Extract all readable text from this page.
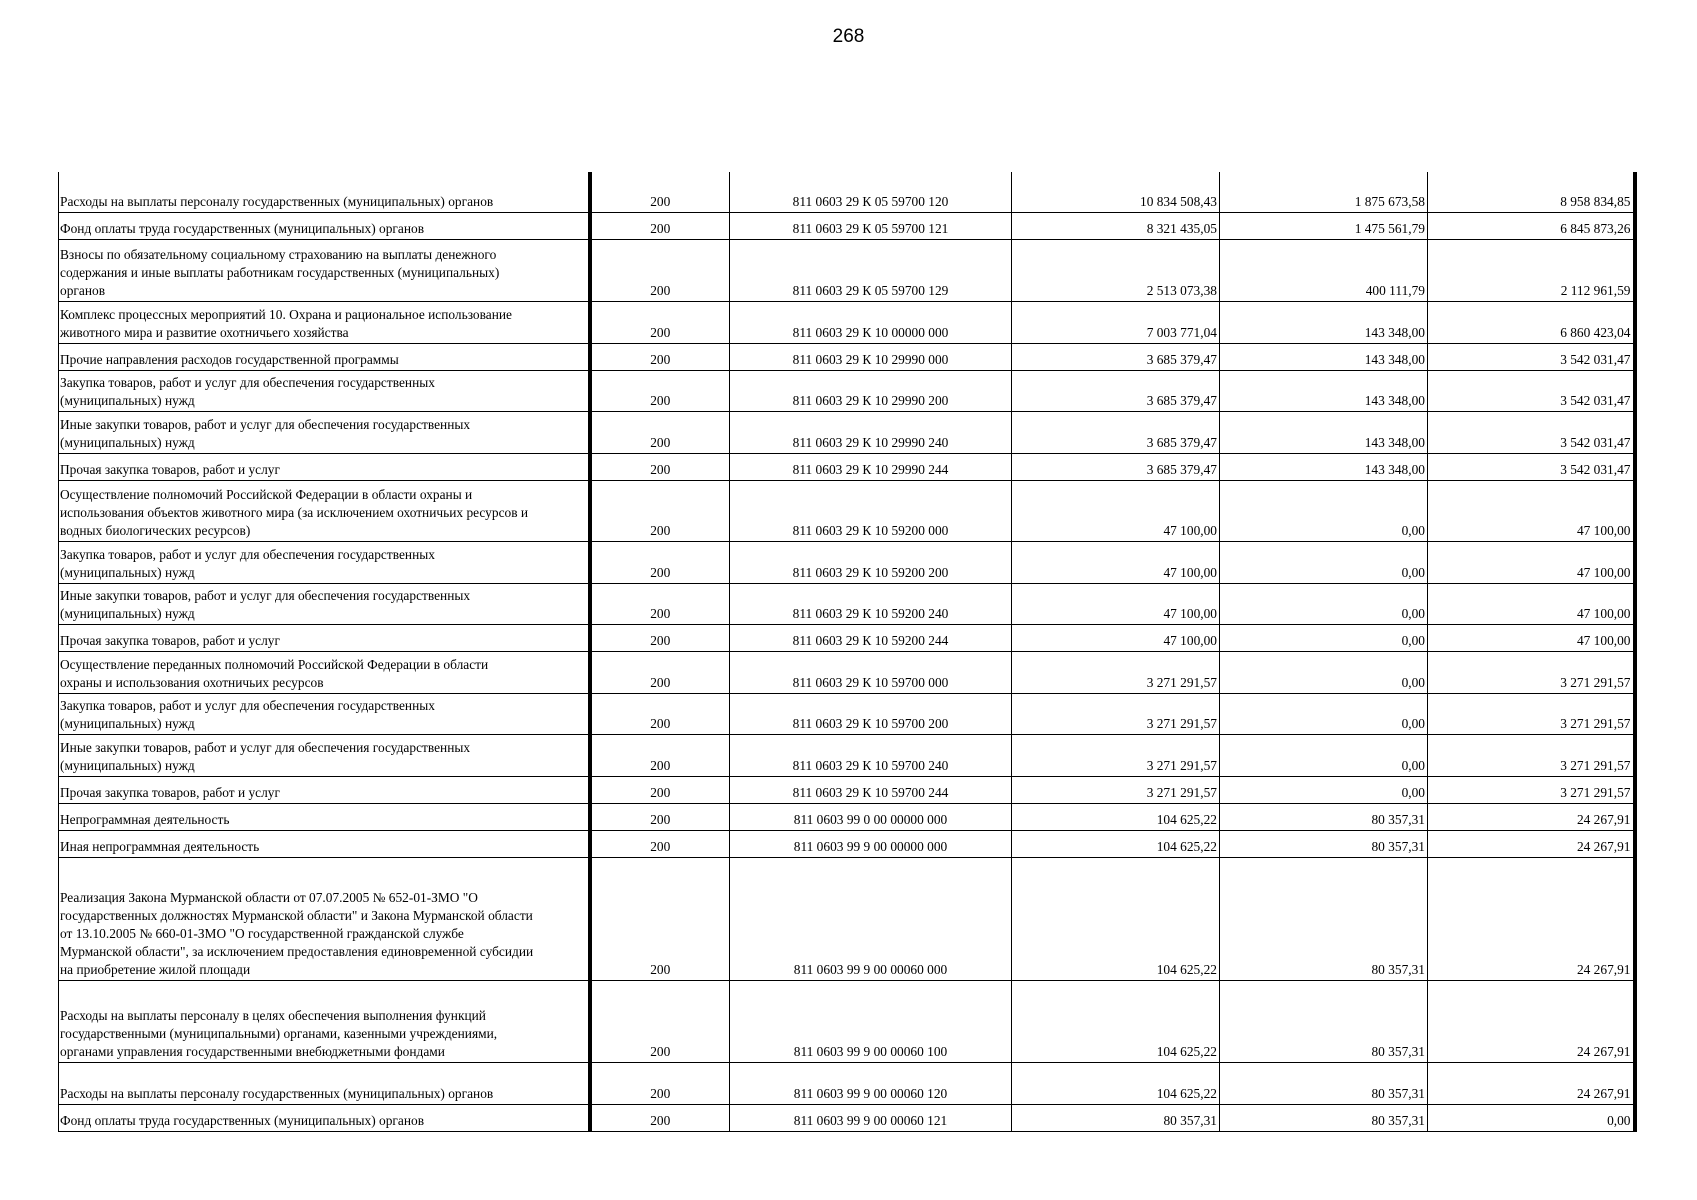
268
Расходы на выплаты персоналу государственных (муниципальных) органов	200	811 0603 29 К 05 59700 120	10 834 508,43	1 875 673,58	8 958 834,85
Фонд оплаты труда государственных (муниципальных) органов	200	811 0603 29 К 05 59700 121	8 321 435,05	1 475 561,79	6 845 873,26
Взносы по обязательному социальному страхованию на выплаты денежного
содержания и иные выплаты работникам государственных (муниципальных)
органов	200	811 0603 29 К 05 59700 129	2 513 073,38	400 111,79	2 112 961,59
Комплекс процессных мероприятий 10. Охрана и рациональное использование
животного мира и развитие охотничьего хозяйства	200	811 0603 29 К 10 00000 000	7 003 771,04	143 348,00	6 860 423,04
Прочие направления расходов государственной программы	200	811 0603 29 К 10 29990 000	3 685 379,47	143 348,00	3 542 031,47
Закупка товаров, работ и услуг для обеспечения государственных
(муниципальных) нужд	200	811 0603 29 К 10 29990 200	3 685 379,47	143 348,00	3 542 031,47
Иные закупки товаров, работ и услуг для обеспечения государственных
(муниципальных) нужд	200	811 0603 29 К 10 29990 240	3 685 379,47	143 348,00	3 542 031,47
Прочая закупка товаров, работ и услуг	200	811 0603 29 К 10 29990 244	3 685 379,47	143 348,00	3 542 031,47
Осуществление полномочий Российской Федерации в области охраны и
использования объектов животного мира (за исключением охотничьих ресурсов и
водных биологических ресурсов)	200	811 0603 29 К 10 59200 000	47 100,00	0,00	47 100,00
Закупка товаров, работ и услуг для обеспечения государственных
(муниципальных) нужд	200	811 0603 29 К 10 59200 200	47 100,00	0,00	47 100,00
Иные закупки товаров, работ и услуг для обеспечения государственных
(муниципальных) нужд	200	811 0603 29 К 10 59200 240	47 100,00	0,00	47 100,00
Прочая закупка товаров, работ и услуг	200	811 0603 29 К 10 59200 244	47 100,00	0,00	47 100,00
Осуществление переданных полномочий Российской Федерации в области
охраны и использования охотничьих ресурсов	200	811 0603 29 К 10 59700 000	3 271 291,57	0,00	3 271 291,57
Закупка товаров, работ и услуг для обеспечения государственных
(муниципальных) нужд	200	811 0603 29 К 10 59700 200	3 271 291,57	0,00	3 271 291,57
Иные закупки товаров, работ и услуг для обеспечения государственных
(муниципальных) нужд	200	811 0603 29 К 10 59700 240	3 271 291,57	0,00	3 271 291,57
Прочая закупка товаров, работ и услуг	200	811 0603 29 К 10 59700 244	3 271 291,57	0,00	3 271 291,57
Непрограммная деятельность	200	811 0603 99 0 00 00000 000	104 625,22	80 357,31	24 267,91
Иная непрограммная деятельность	200	811 0603 99 9 00 00000 000	104 625,22	80 357,31	24 267,91
Реализация Закона Мурманской области от 07.07.2005 № 652-01-ЗМО "О
государственных должностях Мурманской области" и Закона Мурманской области
от 13.10.2005 № 660-01-ЗМО "О государственной гражданской службе
Мурманской области", за исключением предоставления единовременной субсидии
на приобретение жилой площади	200	811 0603 99 9 00 00060 000	104 625,22	80 357,31	24 267,91
Расходы на выплаты персоналу в целях обеспечения выполнения функций
государственными (муниципальными) органами, казенными учреждениями,
органами управления государственными внебюджетными фондами	200	811 0603 99 9 00 00060 100	104 625,22	80 357,31	24 267,91
Расходы на выплаты персоналу государственных (муниципальных) органов	200	811 0603 99 9 00 00060 120	104 625,22	80 357,31	24 267,91
Фонд оплаты труда государственных (муниципальных) органов	200	811 0603 99 9 00 00060 121	80 357,31	80 357,31	0,00
